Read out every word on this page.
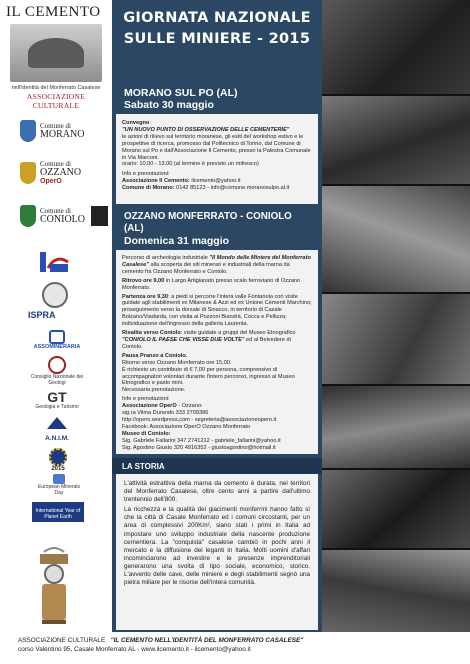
IL CEMENTO
nell'identità del Monferrato Casalese
ASSOCIAZIONE CULTURALE
Comune di
MORANO
Comune di
OZZANO
OperO
Comune di
CONIOLO
ISPRA
ASSOMINERARIA
Consiglio Nazionale dei Geologi
GT
Geologia e Turismo
A.N.I.M.
2015
European Minerals Day
International Year of Planet Earth
GIORNATA NAZIONALE
SULLE MINIERE - 2015
MORANO SUL PO (AL)
Sabato 30 maggio
Convegno
"UN NUOVO PUNTO DI OSSERVAZIONE DELLE CEMENTERIE"
le azioni di rilievo sul territorio moranese, gli esiti del workshop estivo e le prospettive di ricerca, promosso dal Politecnico di Torino, dal Comune di Morano sul Po e dall'Associazione Il Cemento, presso la Palestra Comunale in Via Marconi.
orario: 10.00 - 13.00 (al termine è previsto un rinfresco)
Info e prenotazioni:
Associazione Il Cemento: ilcemento@yahoo.it
Comune di Morano: 0142 85123 - info@comune.moranosulpo.al.it
OZZANO MONFERRATO - CONIOLO (AL)
Domenica 31 maggio

Percorso di archeologia industriale "Il Mondo delle Miniere del Monferrato Casalese" alla scoperta dei siti minerari e industriali della marna da cemento fra Ozzano Monferrato e Coniolo.

Ritrovo ore 9,00 in Largo Artigianato presso scalo ferroviario di Ozzano Monferrato.

Partenza ore 9,30: a piedi si percorre l'intera valle Fontanola con visite guidate agli stabilimenti ex Milanese & Azzi ed ex Unione Cementi Marchino; proseguimento verso la dorsale di Sinacco, in territorio di Casale Bolzano/Viadarda, con visita ai Pozzoni Biandrà, Cocca e Pellizza; individuazione dell'ingresso della galleria Laurenta.

Risalita verso Coniolo: visite guidate a gruppi del Museo Etnografico "CONIOLO IL PAESE CHE VISSE DUE VOLTE" ed al Belvedere di Coniolo.

Pausa Pranzo a Coniolo.

Ritorno verso Ozzano Monferrato ore 15,00.

È richiesto un contributo di € 7,00 per persona, comprensivo di accompagnatori volontari durante l'intero percorso, ingresso al Museo Etnografico e pasto mini.

Necessaria prenotazione.

Info e prenotazioni:

Associazione OperO - Ozzano:

sig.ra Vilma Durando 333 2709386

http://opero.wordpress.com - segreteria@associazioneopero.it

Facebook: Associazione OperO Ozzano Monferrato

Museo di Coniolo:

Sig. Gabriele Fallarini 347 2741212 - gabriele_fallarini@yahoo.it

Sig. Agostino Giusto 320 4916352 - giustoagostino@hotmail.it

LA STORIA

L'attività estrattiva della marna da cemento è durata, nei territori del Monferrato Casalese, oltre cento anni a partire dall'ultimo trentennio dell'800.

La ricchezza e la qualità dei giacimenti monferrini hanno fatto sì che la città di Casale Monferrato ed i comuni circostanti, per un area di complessivi 200Km², siano stati i primi in Italia ad impostare uno sviluppo industriale della nascente produzione cementiera. La "conquista" casalese cambiò in pochi anni il mercato e la diffusione dei leganti in Italia. Molti uomini d'affari incominciarono ad investire e le presenze imprenditoriali generarono una svolta di tipo sociale, economico, storico. L'avvento delle cave, delle miniere e degli stabilimenti segnò una pietra miliare per le risorse dell'intera comunità.

ASSOCIAZIONE CULTURALE "IL CEMENTO NELL'IDENTITÀ DEL MONFERRATO CASALESE"
corso Valentino 95, Casale Monferrato AL - www.ilcemento.it - ilcemento@yahoo.it
